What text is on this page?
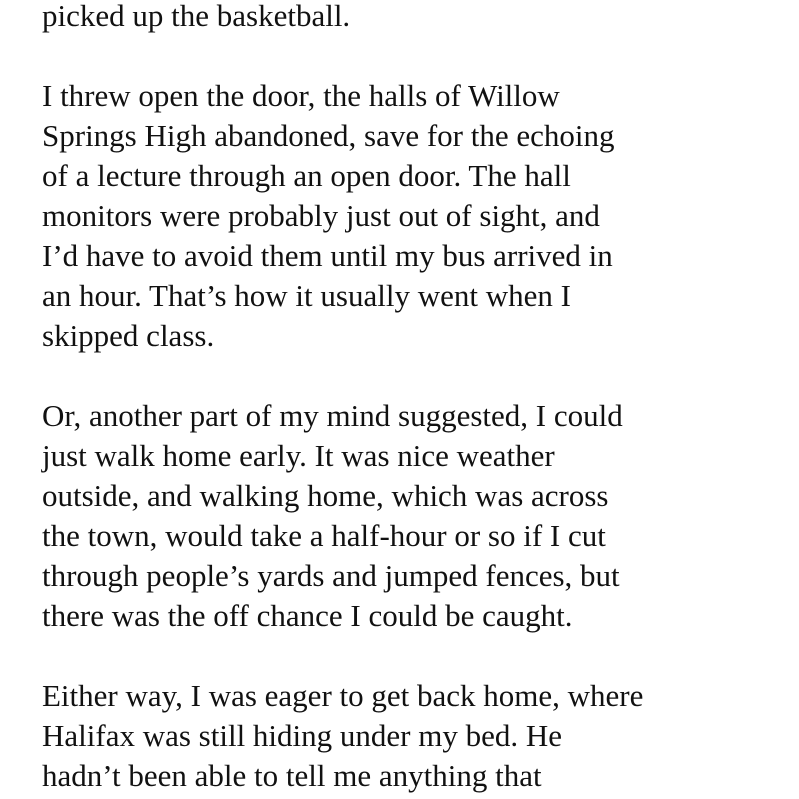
picked up the basketball.
I threw open the door, the halls of Willow
Springs High abandoned, save for the echoing
of a lecture through an open door. The hall
monitors were probably just out of sight, and
I’d have to avoid them until my bus arrived in
an hour. That’s how it usually went when I
skipped class.
Or, another part of my mind suggested, I could
just walk home early. It was nice weather
outside, and walking home, which was across
the town, would take a half-hour or so if I cut
through people’s yards and jumped fences, but
there was the off chance I could be caught.
Either way, I was eager to get back home, where
Halifax was still hiding under my bed. He
hadn’t been able to tell me anything that
